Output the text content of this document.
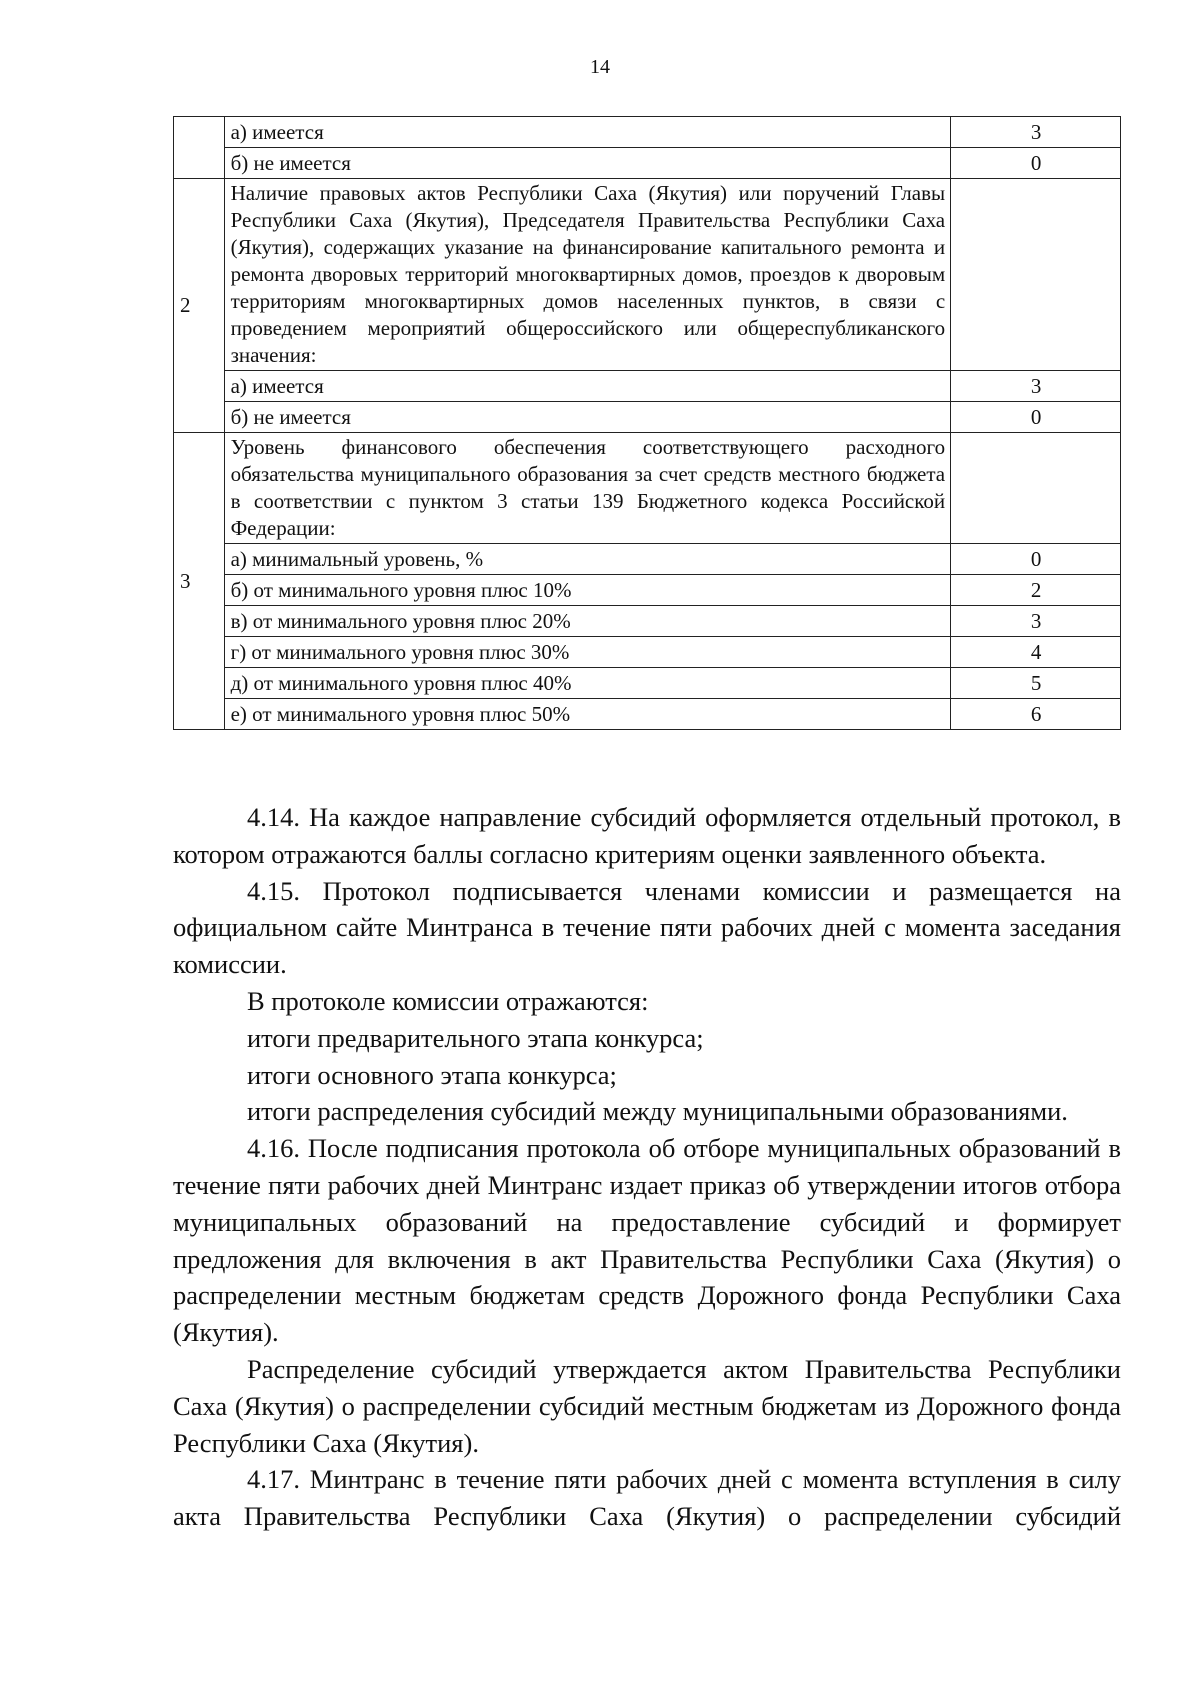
14
	а) имеется	3
	б) не имеется	0
2	Наличие правовых актов Республики Саха (Якутия) или поручений Главы Республики Саха (Якутия), Председателя Правительства Республики Саха (Якутия), содержащих указание на финансирование капитального ремонта и ремонта дворовых территорий многоквартирных домов, проездов к дворовым территориям многоквартирных домов населенных пунктов, в связи с проведением мероприятий общероссийского или общереспубликанского значения:	
	а) имеется	3
	б) не имеется	0
3	Уровень финансового обеспечения соответствующего расходного обязательства муниципального образования за счет средств местного бюджета в соответствии с пунктом 3 статьи 139 Бюджетного кодекса Российской Федерации:	
	а) минимальный уровень, %	0
	б) от минимального уровня плюс 10%	2
	в) от минимального уровня плюс 20%	3
	г) от минимального уровня плюс 30%	4
	д) от минимального уровня плюс 40%	5
	е) от минимального уровня плюс 50%	6

4.14. На каждое направление субсидий оформляется отдельный протокол, в котором отражаются баллы согласно критериям оценки заявленного объекта.

4.15. Протокол подписывается членами комиссии и размещается на официальном сайте Минтранса в течение пяти рабочих дней с момента заседания комиссии.

В протоколе комиссии отражаются:

итоги предварительного этапа конкурса;

итоги основного этапа конкурса;

итоги распределения субсидий между муниципальными образованиями.

4.16. После подписания протокола об отборе муниципальных образований в течение пяти рабочих дней Минтранс издает приказ об утверждении итогов отбора муниципальных образований на предоставление субсидий и формирует предложения для включения в акт Правительства Республики Саха (Якутия) о распределении местным бюджетам средств Дорожного фонда Республики Саха (Якутия).

Распределение субсидий утверждается актом Правительства Республики Саха (Якутия) о распределении субсидий местным бюджетам из Дорожного фонда Республики Саха (Якутия).

4.17. Минтранс в течение пяти рабочих дней с момента вступления в силу акта Правительства Республики Саха (Якутия) о распределении субсидий
